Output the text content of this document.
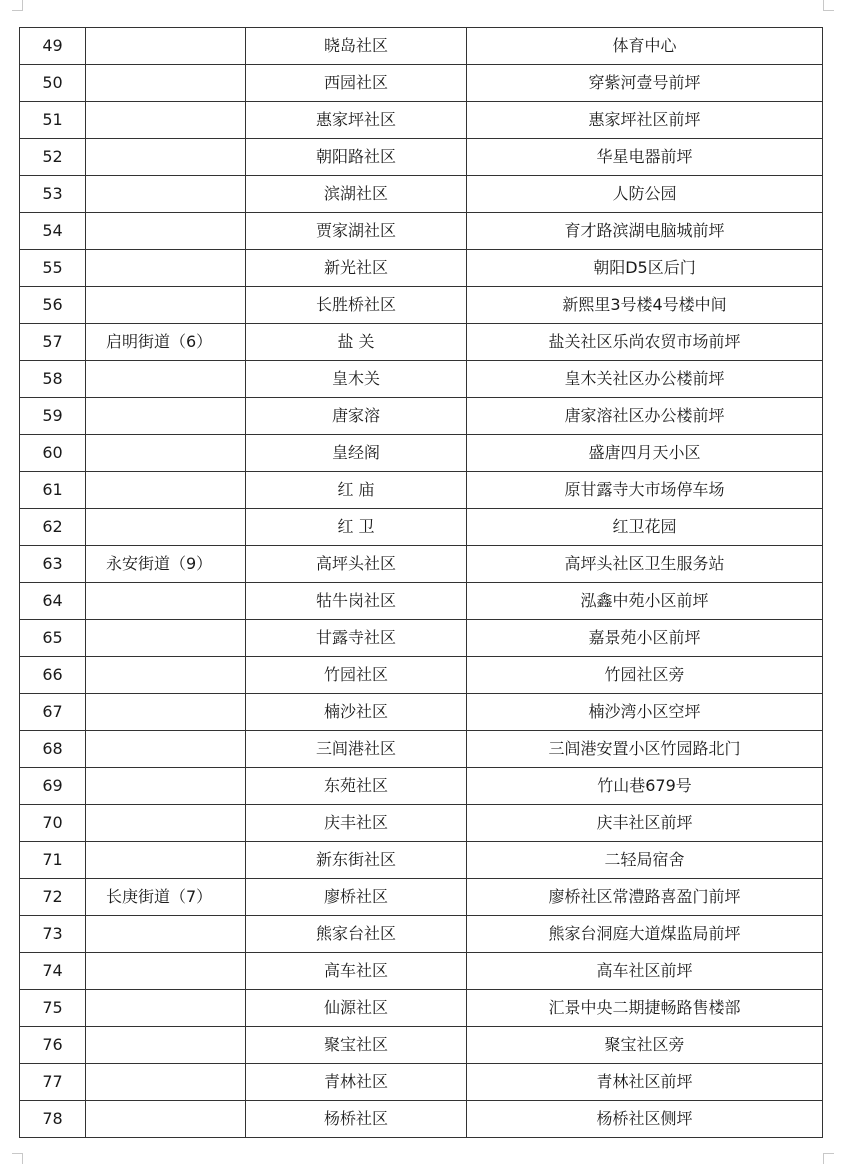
49		晓岛社区	体育中心
50		西园社区	穿紫河壹号前坪
51		惠家坪社区	惠家坪社区前坪
52		朝阳路社区	华星电器前坪
53		滨湖社区	人防公园
54		贾家湖社区	育才路滨湖电脑城前坪
55		新光社区	朝阳D5区后门
56		长胜桥社区	新熙里3号楼4号楼中间
57	启明街道（6）	盐 关	盐关社区乐尚农贸市场前坪
58		皇木关	皇木关社区办公楼前坪
59		唐家溶	唐家溶社区办公楼前坪
60		皇经阁	盛唐四月天小区
61		红 庙	原甘露寺大市场停车场
62		红 卫	红卫花园
63	永安街道（9）	高坪头社区	高坪头社区卫生服务站
64		牯牛岗社区	泓鑫中苑小区前坪
65		甘露寺社区	嘉景苑小区前坪
66		竹园社区	竹园社区旁
67		楠沙社区	楠沙湾小区空坪
68		三闾港社区	三闾港安置小区竹园路北门
69		东苑社区	竹山巷679号
70		庆丰社区	庆丰社区前坪
71		新东街社区	二轻局宿舍
72	长庚街道（7）	廖桥社区	廖桥社区常澧路喜盈门前坪
73		熊家台社区	熊家台洞庭大道煤监局前坪
74		高车社区	高车社区前坪
75		仙源社区	汇景中央二期捷畅路售楼部
76		聚宝社区	聚宝社区旁
77		青林社区	青林社区前坪
78		杨桥社区	杨桥社区侧坪
